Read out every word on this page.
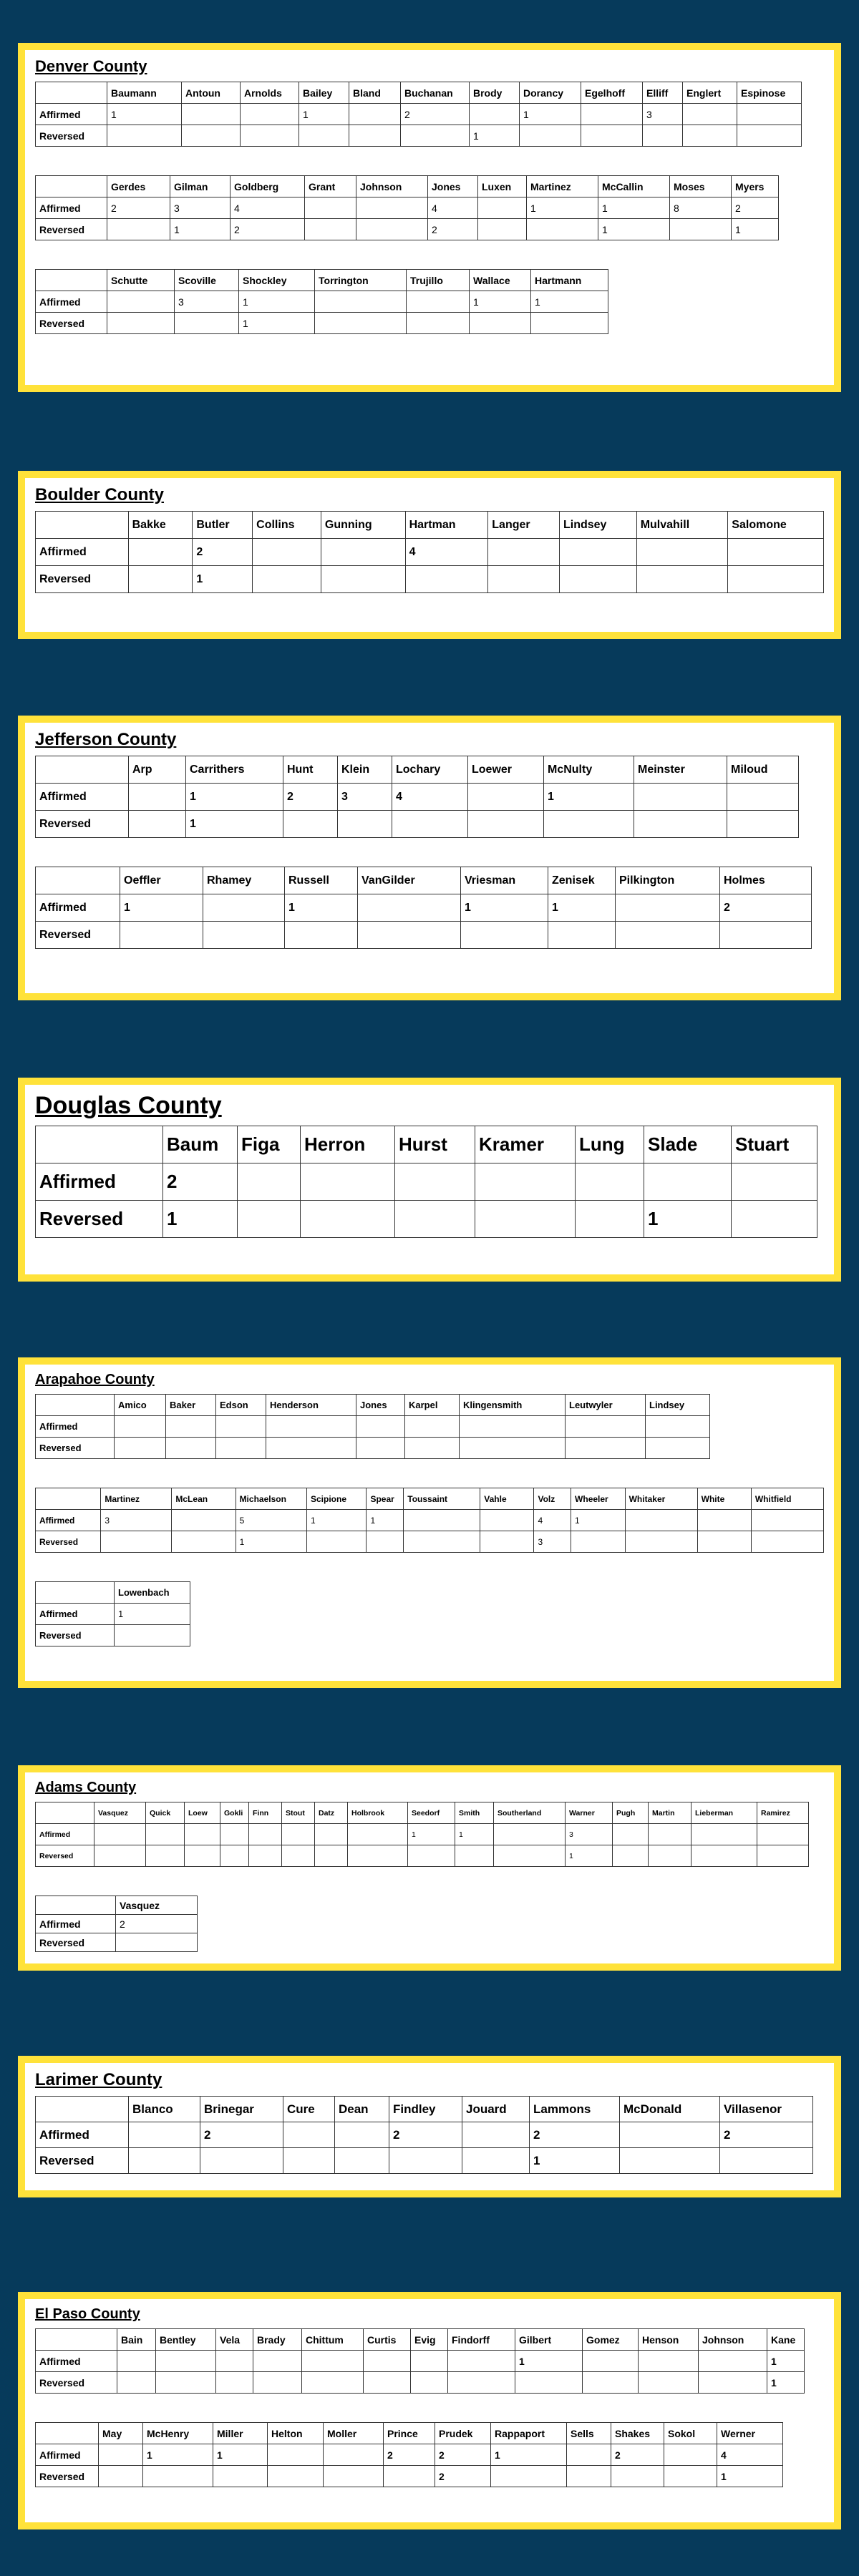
Denver County
	Baumann	Antoun	Arnolds	Bailey	Bland	Buchanan	Brody	Dorancy	Egelhoff	Elliff	Englert	Espinose
Affirmed	1			1		2		1		3		
Reversed							1					
	Gerdes	Gilman	Goldberg	Grant	Johnson	Jones	Luxen	Martinez	McCallin	Moses	Myers
Affirmed	2	3	4			4		1	1	8	2
Reversed		1	2			2			1		1
	Schutte	Scoville	Shockley	Torrington	Trujillo	Wallace	Hartmann
Affirmed		3	1			1	1
Reversed			1				
Boulder County
	Bakke	Butler	Collins	Gunning	Hartman	Langer	Lindsey	Mulvahill	Salomone
Affirmed		2			4				
Reversed		1							
Jefferson County
	Arp	Carrithers	Hunt	Klein	Lochary	Loewer	McNulty	Meinster	Miloud
Affirmed		1	2	3	4		1		
Reversed		1							
	Oeffler	Rhamey	Russell	VanGilder	Vriesman	Zenisek	Pilkington	Holmes
Affirmed	1		1		1	1		2
Reversed								
Douglas County
	Baum	Figa	Herron	Hurst	Kramer	Lung	Slade	Stuart
Affirmed	2							
Reversed	1						1	
Arapahoe County
	Amico	Baker	Edson	Henderson	Jones	Karpel	Klingensmith	Leutwyler	Lindsey
Affirmed									
Reversed									
	Martinez	McLean	Michaelson	Scipione	Spear	Toussaint	Vahle	Volz	Wheeler	Whitaker	White	Whitfield
Affirmed	3		5	1	1			4	1			
Reversed			1					3				
	Lowenbach
Affirmed	1
Reversed	
Adams County
	Vasquez	Quick	Loew	Gokli	Finn	Stout	Datz	Holbrook	Seedorf	Smith	Southerland	Warner	Pugh	Martin	Lieberman	Ramirez
Affirmed									1	1		3				
Reversed												1				
	Vasquez
Affirmed	2
Reversed	
Larimer County
	Blanco	Brinegar	Cure	Dean	Findley	Jouard	Lammons	McDonald	Villasenor
Affirmed		2			2		2		2
Reversed							1		
El Paso County
	Bain	Bentley	Vela	Brady	Chittum	Curtis	Evig	Findorff	Gilbert	Gomez	Henson	Johnson	Kane
Affirmed									1				1
Reversed													1
	May	McHenry	Miller	Helton	Moller	Prince	Prudek	Rappaport	Sells	Shakes	Sokol	Werner
Affirmed		1	1			2	2	1		2		4
Reversed							2					1
